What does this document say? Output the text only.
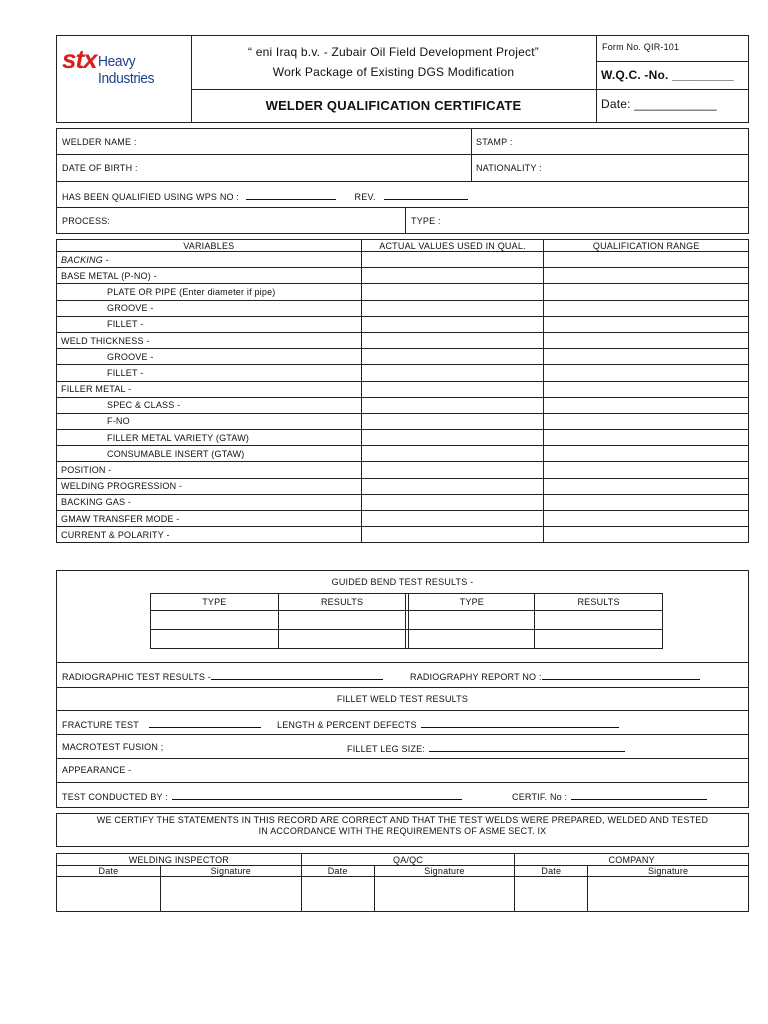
stx Heavy Industries
“ eni Iraq b.v. - Zubair Oil Field Development Project”
Work Package of Existing DGS Modification
WELDER QUALIFICATION CERTIFICATE
Form No. QIR-101
W.Q.C. -No. _________
Date: ____________
WELDER NAME :	STAMP :
DATE OF BIRTH :	NATIONALITY :
HAS BEEN QUALIFIED USING WPS NO :	REV.
PROCESS:	TYPE :
VARIABLES	ACTUAL VALUES USED IN QUAL.	QUALIFICATION RANGE
BACKING -		
BASE METAL (P-NO) -		
PLATE OR PIPE (Enter diameter if pipe)		
GROOVE -		
FILLET -		
WELD THICKNESS -		
GROOVE -		
FILLET -		
FILLER METAL -		
SPEC & CLASS -		
F-NO		
FILLER METAL VARIETY (GTAW)		
CONSUMABLE INSERT (GTAW)		
POSITION -		
WELDING PROGRESSION -		
BACKING GAS -		
GMAW TRANSFER MODE -		
CURRENT & POLARITY -		
GUIDED BEND TEST RESULTS -
TYPE	RESULTS		TYPE	RESULTS

RADIOGRAPHIC TEST RESULTS -	RADIOGRAPHY REPORT NO :
FILLET WELD TEST RESULTS
FRACTURE TEST	LENGTH & PERCENT DEFECTS
MACROTEST FUSION ;	FILLET LEG SIZE:
APPEARANCE -
TEST CONDUCTED BY :	CERTIF. No :
WE CERTIFY THE STATEMENTS IN THIS RECORD ARE CORRECT AND THAT THE TEST WELDS WERE PREPARED, WELDED AND TESTED
IN ACCORDANCE WITH THE REQUIREMENTS OF ASME SECT. IX
WELDING INSPECTOR		QA/QC		COMPANY	
Date	Signature	Date	Signature	Date	Signature
